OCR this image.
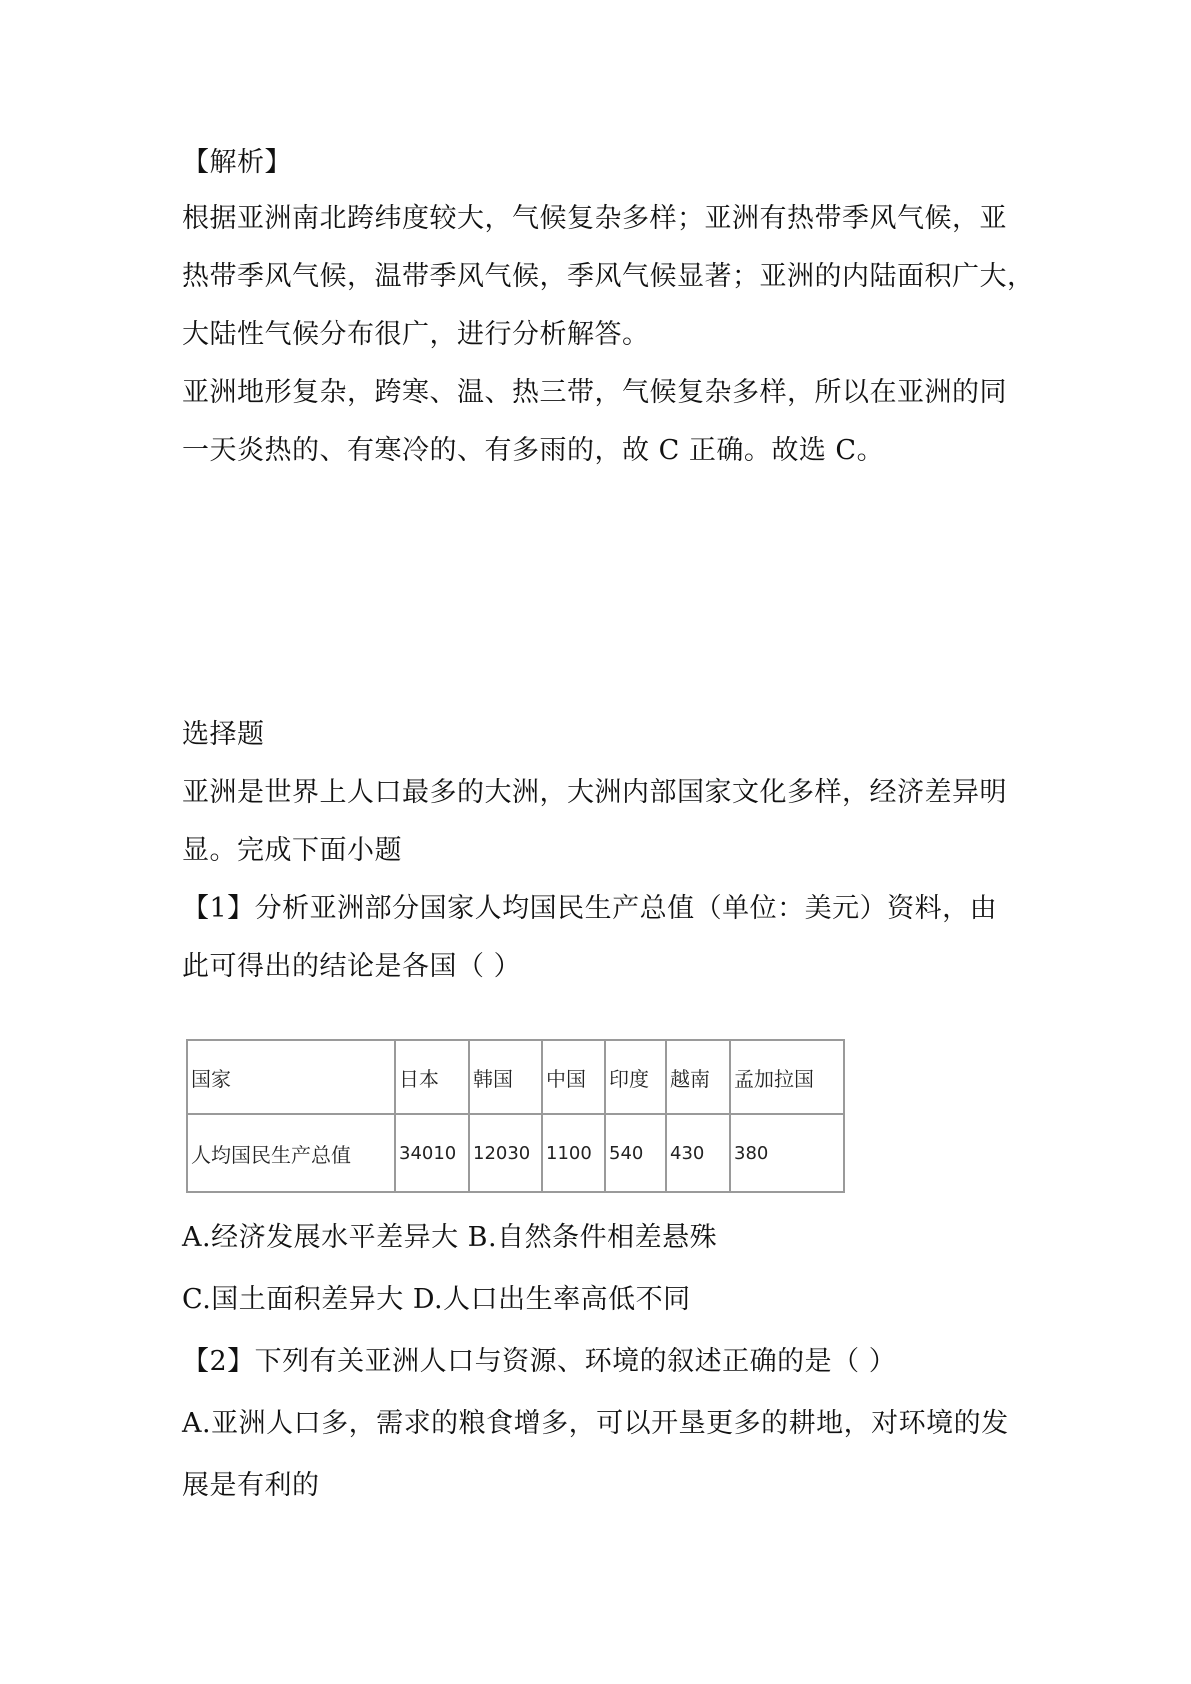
【解析】
根据亚洲南北跨纬度较大，气候复杂多样；亚洲有热带季风气候，亚
热带季风气候，温带季风气候，季风气候显著；亚洲的内陆面积广大，
大陆性气候分布很广，进行分析解答。
亚洲地形复杂，跨寒、温、热三带，气候复杂多样，所以在亚洲的同
一天炎热的、有寒冷的、有多雨的，故 C 正确。故选 C。
选择题
亚洲是世界上人口最多的大洲，大洲内部国家文化多样，经济差异明
显。完成下面小题
【1】分析亚洲部分国家人均国民生产总值（单位：美元）资料，由
此可得出的结论是各国（ ）
国家	日本	韩国	中国	印度	越南	孟加拉国
人均国民生产总值	34010	12030	1100	540	430	380
A.经济发展水平差异大 B.自然条件相差悬殊
C.国土面积差异大 D.人口出生率高低不同
【2】下列有关亚洲人口与资源、环境的叙述正确的是（ ）
A.亚洲人口多，需求的粮食增多，可以开垦更多的耕地，对环境的发
展是有利的
